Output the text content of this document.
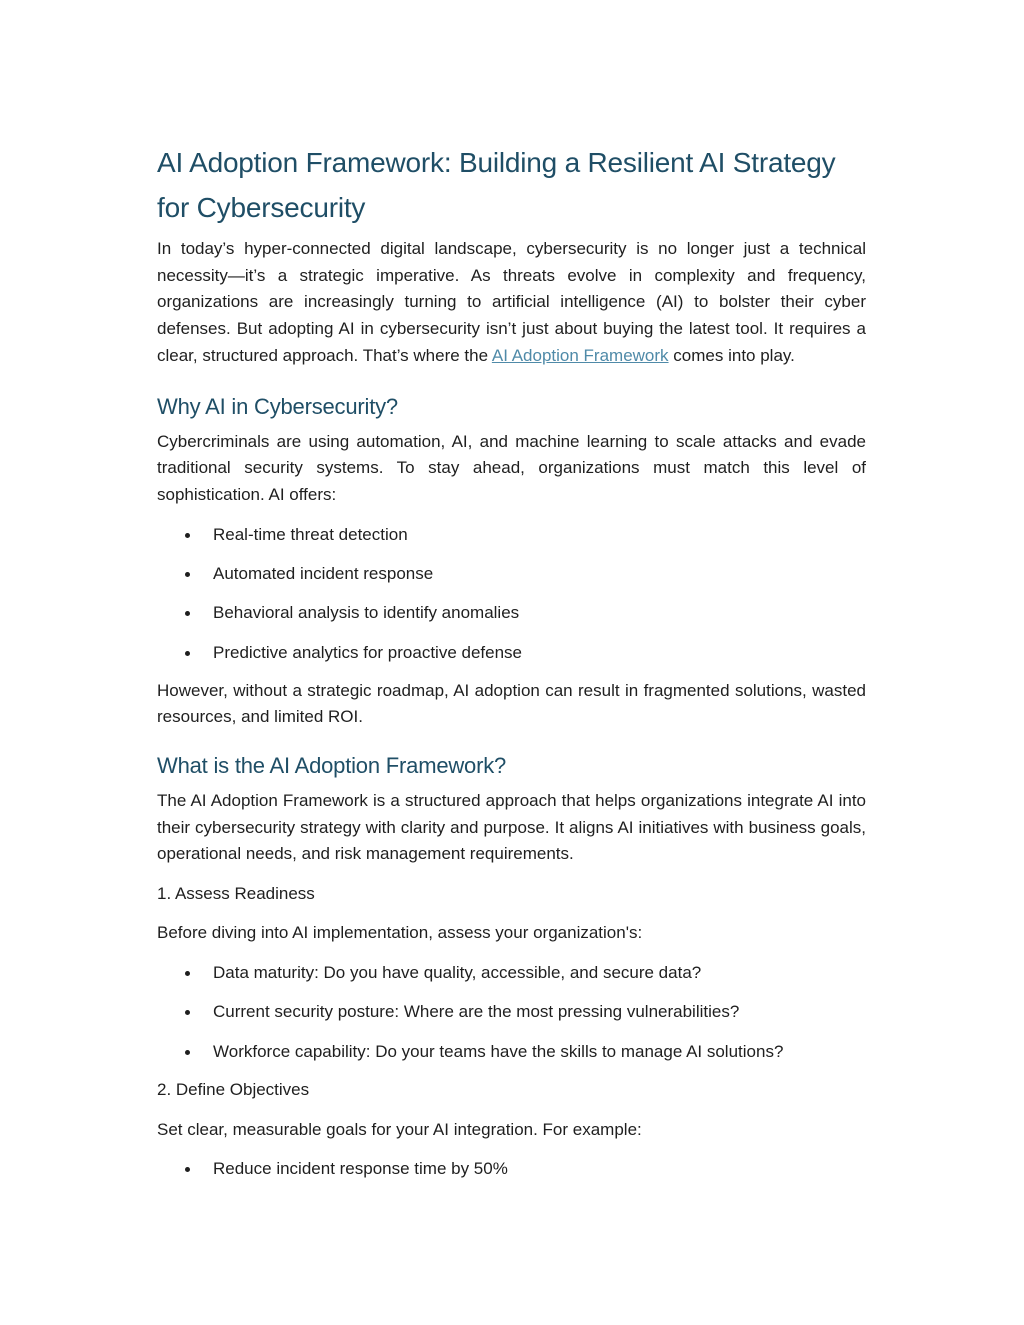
AI Adoption Framework: Building a Resilient AI Strategy for Cybersecurity

In today’s hyper-connected digital landscape, cybersecurity is no longer just a technical necessity—it’s a strategic imperative. As threats evolve in complexity and frequency, organizations are increasingly turning to artificial intelligence (AI) to bolster their cyber defenses. But adopting AI in cybersecurity isn’t just about buying the latest tool. It requires a clear, structured approach. That’s where the AI Adoption Framework comes into play.

Why AI in Cybersecurity?

Cybercriminals are using automation, AI, and machine learning to scale attacks and evade traditional security systems. To stay ahead, organizations must match this level of sophistication. AI offers:

Real-time threat detection
Automated incident response
Behavioral analysis to identify anomalies
Predictive analytics for proactive defense

However, without a strategic roadmap, AI adoption can result in fragmented solutions, wasted resources, and limited ROI.

What is the AI Adoption Framework?

The AI Adoption Framework is a structured approach that helps organizations integrate AI into their cybersecurity strategy with clarity and purpose. It aligns AI initiatives with business goals, operational needs, and risk management requirements.

1. Assess Readiness

Before diving into AI implementation, assess your organization's:

Data maturity: Do you have quality, accessible, and secure data?
Current security posture: Where are the most pressing vulnerabilities?
Workforce capability: Do your teams have the skills to manage AI solutions?

2. Define Objectives

Set clear, measurable goals for your AI integration. For example:

Reduce incident response time by 50%
